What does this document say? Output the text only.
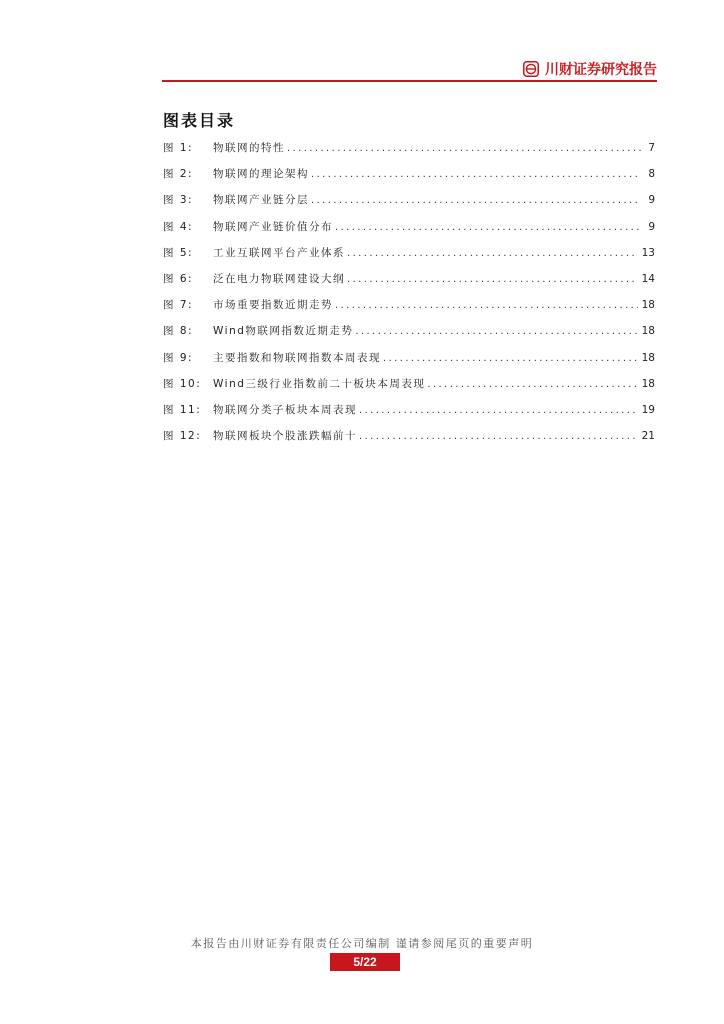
川财证券研究报告
图表目录
图 1:	物联网的特性 .....	7
图 2:	物联网的理论架构 .....	8
图 3:	物联网产业链分层 .....	9
图 4:	物联网产业链价值分布 .....	9
图 5:	工业互联网平台产业体系 .....	13
图 6:	泛在电力物联网建设大纲 .....	14
图 7:	市场重要指数近期走势 .....	18
图 8:	Wind物联网指数近期走势 .....	18
图 9:	主要指数和物联网指数本周表现 .....	18
图 10:	Wind三级行业指数前二十板块本周表现 .....	18
图 11:	物联网分类子板块本周表现 .....	19
图 12:	物联网板块个股涨跌幅前十 .....	21
本报告由川财证券有限责任公司编制 谨请参阅尾页的重要声明
5/22
